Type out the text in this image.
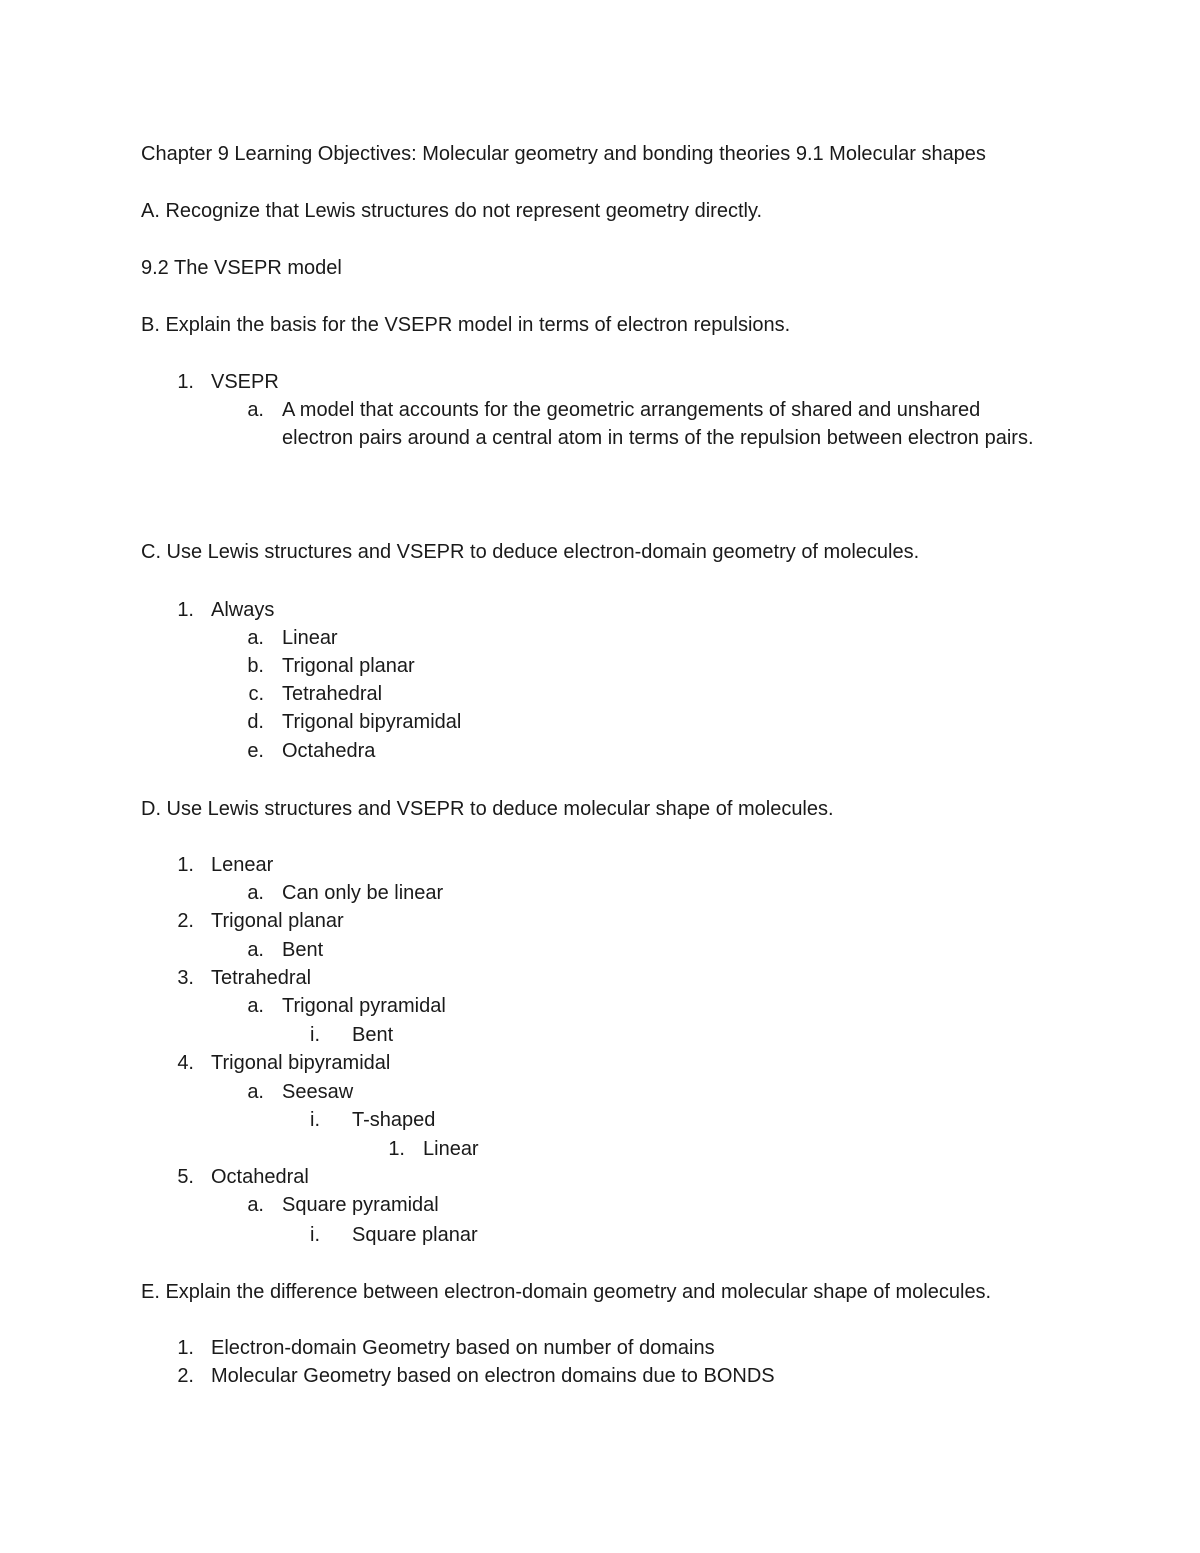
Chapter 9 Learning Objectives: Molecular geometry and bonding theories 9.1 Molecular shapes
A. Recognize that Lewis structures do not represent geometry directly.
9.2 The VSEPR model
B. Explain the basis for the VSEPR model in terms of electron repulsions.
1. VSEPR
a. A model that accounts for the geometric arrangements of shared and unshared electron pairs around a central atom in terms of the repulsion between electron pairs.
C. Use Lewis structures and VSEPR to deduce electron-domain geometry of molecules.
1. Always
a. Linear
b. Trigonal planar
c. Tetrahedral
d. Trigonal bipyramidal
e. Octahedra
D. Use Lewis structures and VSEPR to deduce molecular shape of molecules.
1. Lenear
a. Can only be linear
2. Trigonal planar
a. Bent
3. Tetrahedral
a. Trigonal pyramidal
i. Bent
4. Trigonal bipyramidal
a. Seesaw
i. T-shaped
1. Linear
5. Octahedral
a. Square pyramidal
i. Square planar
E. Explain the difference between electron-domain geometry and molecular shape of molecules.
1. Electron-domain Geometry based on number of domains
2. Molecular Geometry based on electron domains due to BONDS
